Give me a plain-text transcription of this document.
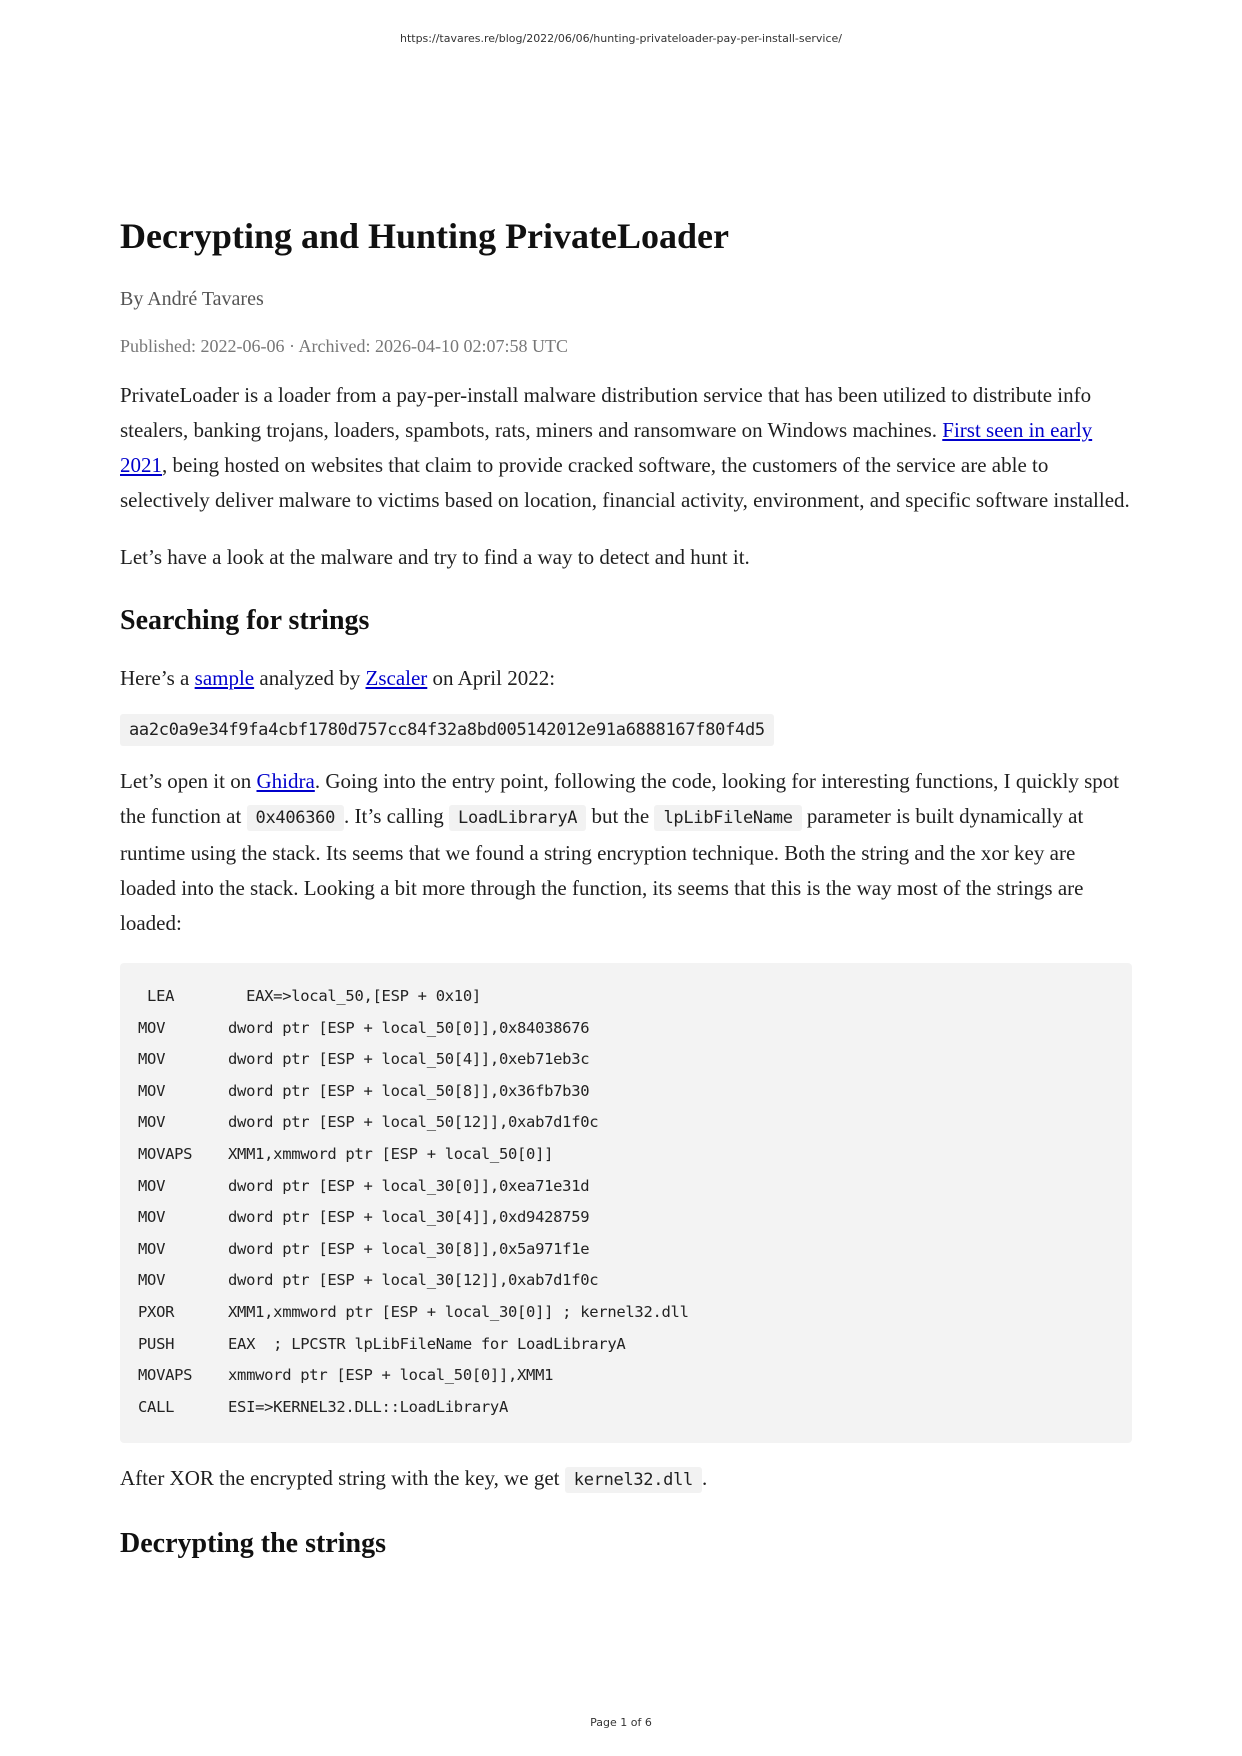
https://tavares.re/blog/2022/06/06/hunting-privateloader-pay-per-install-service/
Decrypting and Hunting PrivateLoader
By André Tavares
Published: 2022-06-06 · Archived: 2026-04-10 02:07:58 UTC

PrivateLoader is a loader from a pay-per-install malware distribution service that has been utilized to distribute info stealers, banking trojans, loaders, spambots, rats, miners and ransomware on Windows machines. First seen in early 2021, being hosted on websites that claim to provide cracked software, the customers of the service are able to selectively deliver malware to victims based on location, financial activity, environment, and specific software installed.

Let’s have a look at the malware and try to find a way to detect and hunt it.

Searching for strings

Here’s a sample analyzed by Zscaler on April 2022:

aa2c0a9e34f9fa4cbf1780d757cc84f32a8bd005142012e91a6888167f80f4d5

Let’s open it on Ghidra. Going into the entry point, following the code, looking for interesting functions, I quickly spot the function at 0x406360 . It’s calling LoadLibraryA but the lpLibFileName parameter is built dynamically at runtime using the stack. Its seems that we found a string encryption technique. Both the string and the xor key are loaded into the stack. Looking a bit more through the function, its seems that this is the way most of the strings are loaded:

LEA	EAX=>local_50,[ESP + 0x10]
MOV	dword ptr [ESP + local_50[0]],0x84038676
MOV	dword ptr [ESP + local_50[4]],0xeb71eb3c
MOV	dword ptr [ESP + local_50[8]],0x36fb7b30
MOV	dword ptr [ESP + local_50[12]],0xab7d1f0c
MOVAPS	XMM1,xmmword ptr [ESP + local_50[0]]
MOV	dword ptr [ESP + local_30[0]],0xea71e31d
MOV	dword ptr [ESP + local_30[4]],0xd9428759
MOV	dword ptr [ESP + local_30[8]],0x5a971f1e
MOV	dword ptr [ESP + local_30[12]],0xab7d1f0c
PXOR	XMM1,xmmword ptr [ESP + local_30[0]] ; kernel32.dll
PUSH	EAX  ; LPCSTR lpLibFileName for LoadLibraryA
MOVAPS	xmmword ptr [ESP + local_50[0]],XMM1
CALL	ESI=>KERNEL32.DLL::LoadLibraryA

After XOR the encrypted string with the key, we get kernel32.dll .

Decrypting the strings
Page 1 of 6
